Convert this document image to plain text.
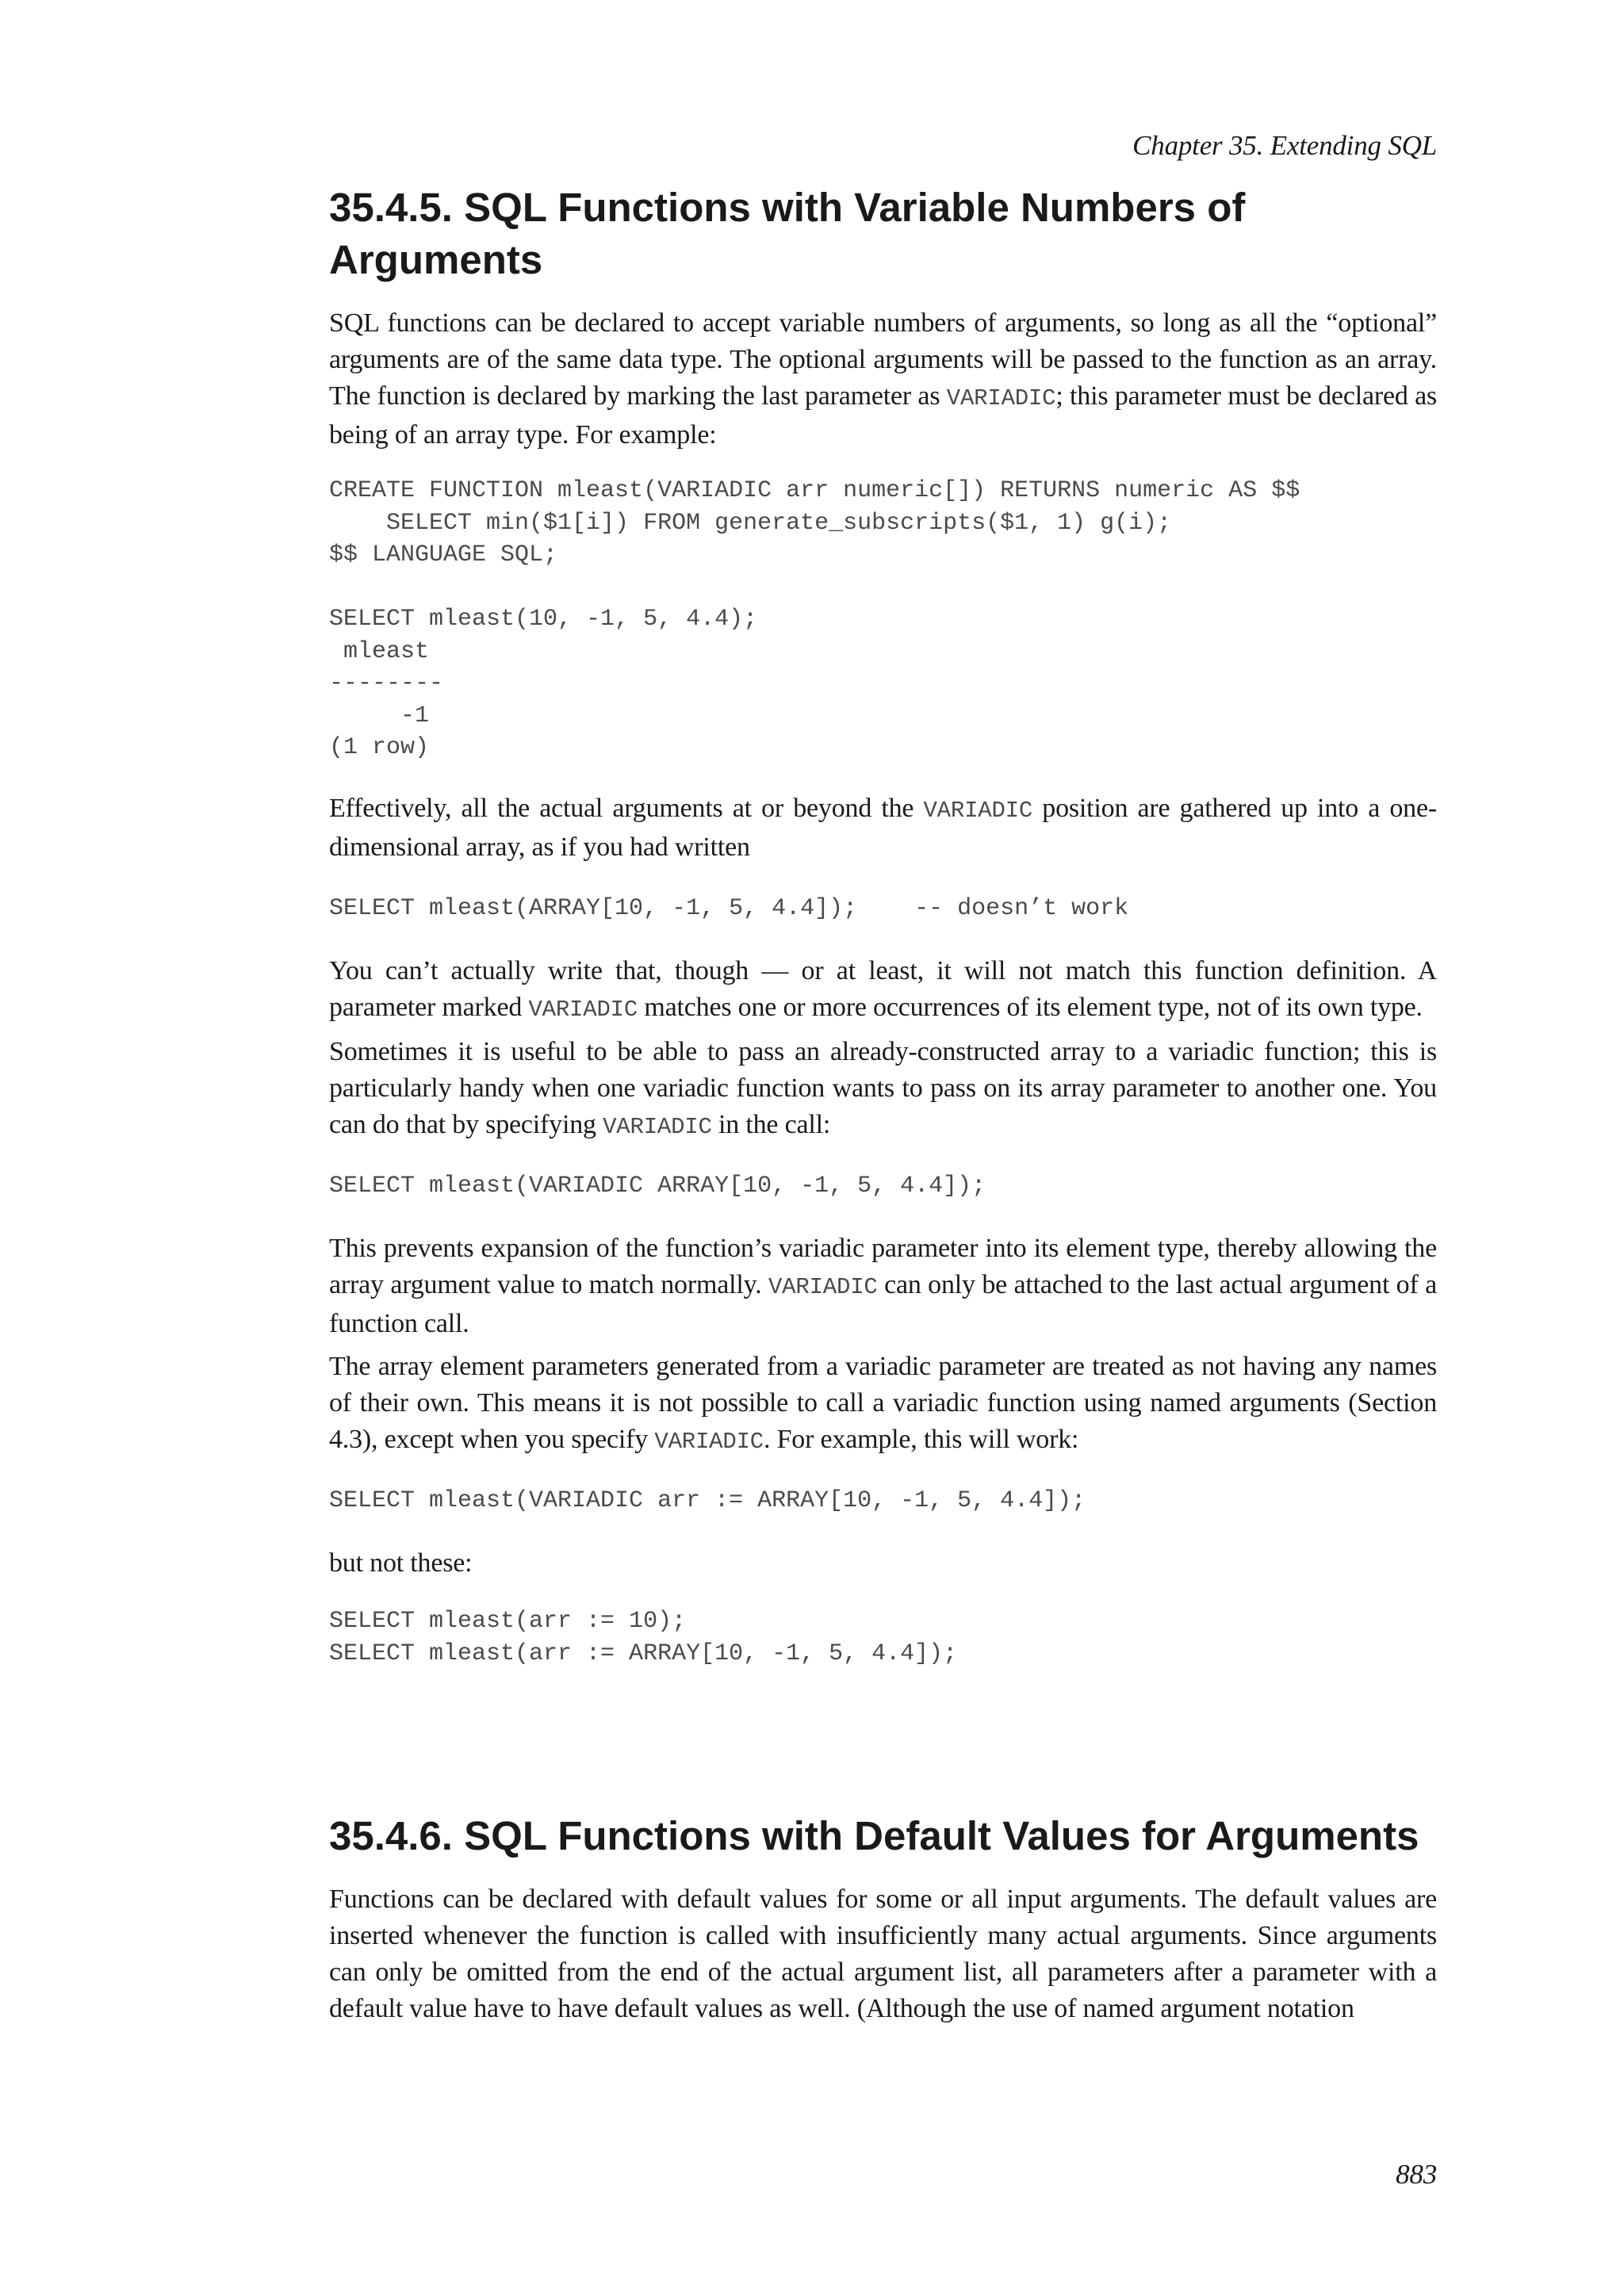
Chapter 35. Extending SQL

35.4.5. SQL Functions with Variable Numbers of Arguments

SQL functions can be declared to accept variable numbers of arguments, so long as all the “optional” arguments are of the same data type. The optional arguments will be passed to the function as an array. The function is declared by marking the last parameter as VARIADIC; this parameter must be declared as being of an array type. For example:

CREATE FUNCTION mleast(VARIADIC arr numeric[]) RETURNS numeric AS $$
SELECT min($1[i]) FROM generate_subscripts($1, 1) g(i);
$$ LANGUAGE SQL;

SELECT mleast(10, -1, 5, 4.4);
mleast
--------
-1
(1 row)

Effectively, all the actual arguments at or beyond the VARIADIC position are gathered up into a one-dimensional array, as if you had written

SELECT mleast(ARRAY[10, -1, 5, 4.4]);    -- doesn’t work

You can’t actually write that, though — or at least, it will not match this function definition. A parameter marked VARIADIC matches one or more occurrences of its element type, not of its own type.

Sometimes it is useful to be able to pass an already-constructed array to a variadic function; this is particularly handy when one variadic function wants to pass on its array parameter to another one. You can do that by specifying VARIADIC in the call:

SELECT mleast(VARIADIC ARRAY[10, -1, 5, 4.4]);

This prevents expansion of the function’s variadic parameter into its element type, thereby allowing the array argument value to match normally. VARIADIC can only be attached to the last actual argument of a function call.

The array element parameters generated from a variadic parameter are treated as not having any names of their own. This means it is not possible to call a variadic function using named arguments (Section 4.3), except when you specify VARIADIC. For example, this will work:

SELECT mleast(VARIADIC arr := ARRAY[10, -1, 5, 4.4]);

but not these:

SELECT mleast(arr := 10);
SELECT mleast(arr := ARRAY[10, -1, 5, 4.4]);
35.4.6. SQL Functions with Default Values for Arguments

Functions can be declared with default values for some or all input arguments. The default values are inserted whenever the function is called with insufficiently many actual arguments. Since arguments can only be omitted from the end of the actual argument list, all parameters after a parameter with a default value have to have default values as well. (Although the use of named argument notation

883
